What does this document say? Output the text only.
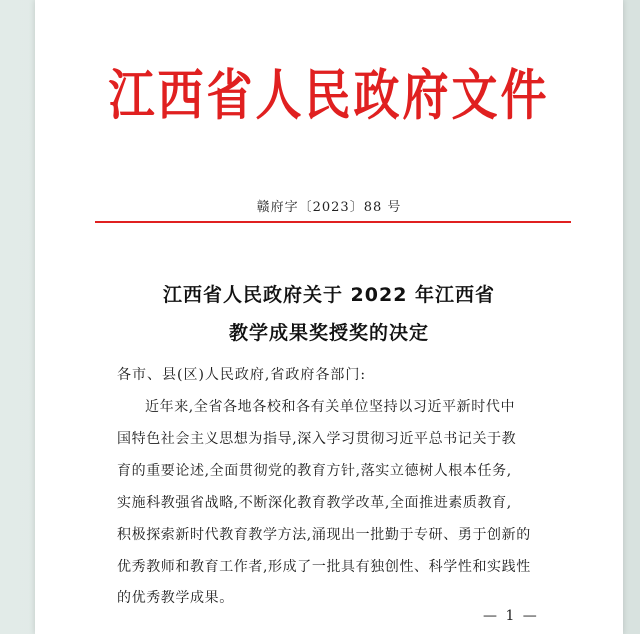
江西省人民政府文件
赣府字〔2023〕88 号
江西省人民政府关于 2022 年江西省
教学成果奖授奖的决定
各市、县(区)人民政府,省政府各部门:
近年来,全省各地各校和各有关单位坚持以习近平新时代中
国特色社会主义思想为指导,深入学习贯彻习近平总书记关于教
育的重要论述,全面贯彻党的教育方针,落实立德树人根本任务,
实施科教强省战略,不断深化教育教学改革,全面推进素质教育,
积极探索新时代教育教学方法,涌现出一批勤于专研、勇于创新的
优秀教师和教育工作者,形成了一批具有独创性、科学性和实践性
的优秀教学成果。
— 1 —
